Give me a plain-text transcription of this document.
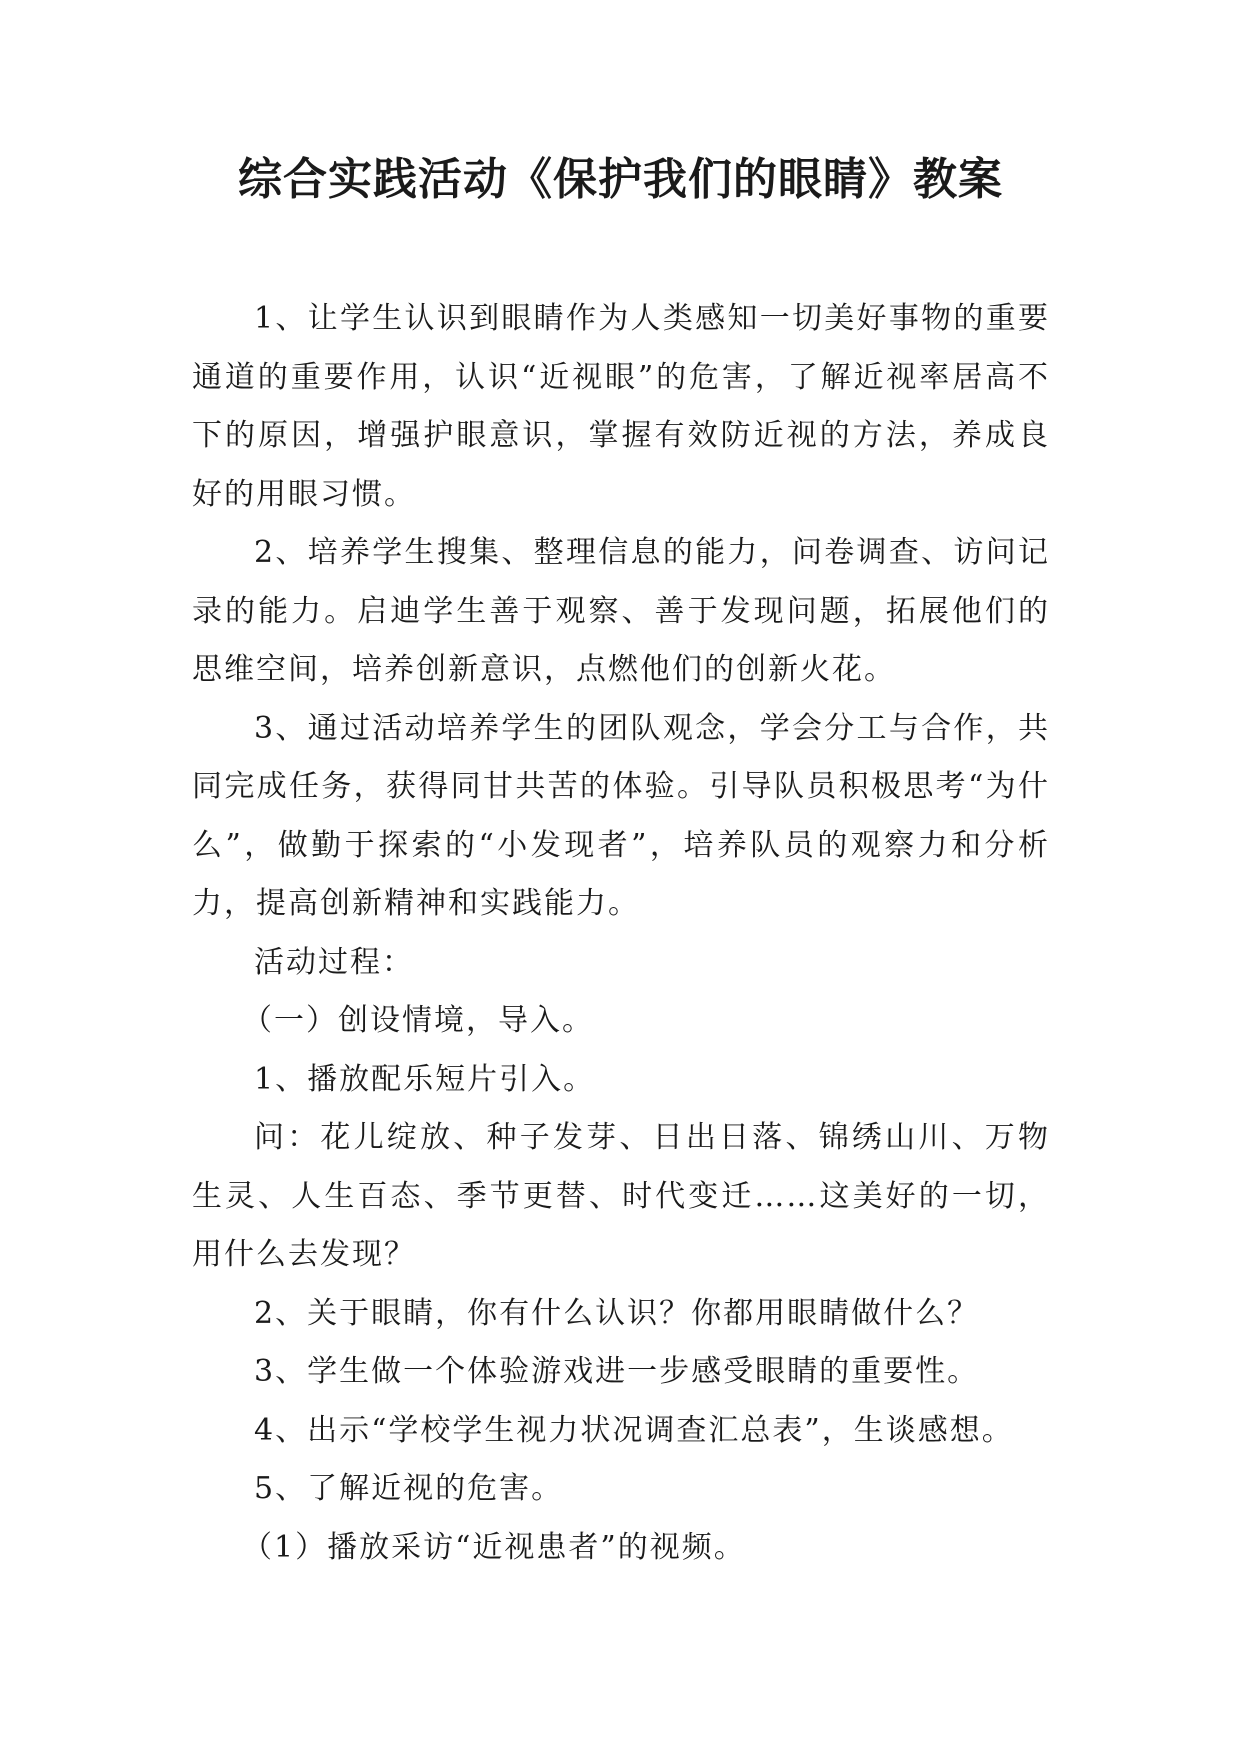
综合实践活动《保护我们的眼睛》教案

1、让学生认识到眼睛作为人类感知一切美好事物的重要通道的重要作用，认识“近视眼”的危害，了解近视率居高不下的原因，增强护眼意识，掌握有效防近视的方法，养成良好的用眼习惯。

2、培养学生搜集、整理信息的能力，问卷调查、访问记录的能力。启迪学生善于观察、善于发现问题，拓展他们的思维空间，培养创新意识，点燃他们的创新火花。

3、通过活动培养学生的团队观念，学会分工与合作，共同完成任务，获得同甘共苦的体验。引导队员积极思考“为什么”，做勤于探索的“小发现者”，培养队员的观察力和分析力，提高创新精神和实践能力。

活动过程：

（一）创设情境，导入。

1、播放配乐短片引入。

问：花儿绽放、种子发芽、日出日落、锦绣山川、万物生灵、人生百态、季节更替、时代变迁……这美好的一切，用什么去发现？

2、关于眼睛，你有什么认识？你都用眼睛做什么？

3、学生做一个体验游戏进一步感受眼睛的重要性。

4、出示“学校学生视力状况调查汇总表”，生谈感想。

5、了解近视的危害。

（1）播放采访“近视患者”的视频。
